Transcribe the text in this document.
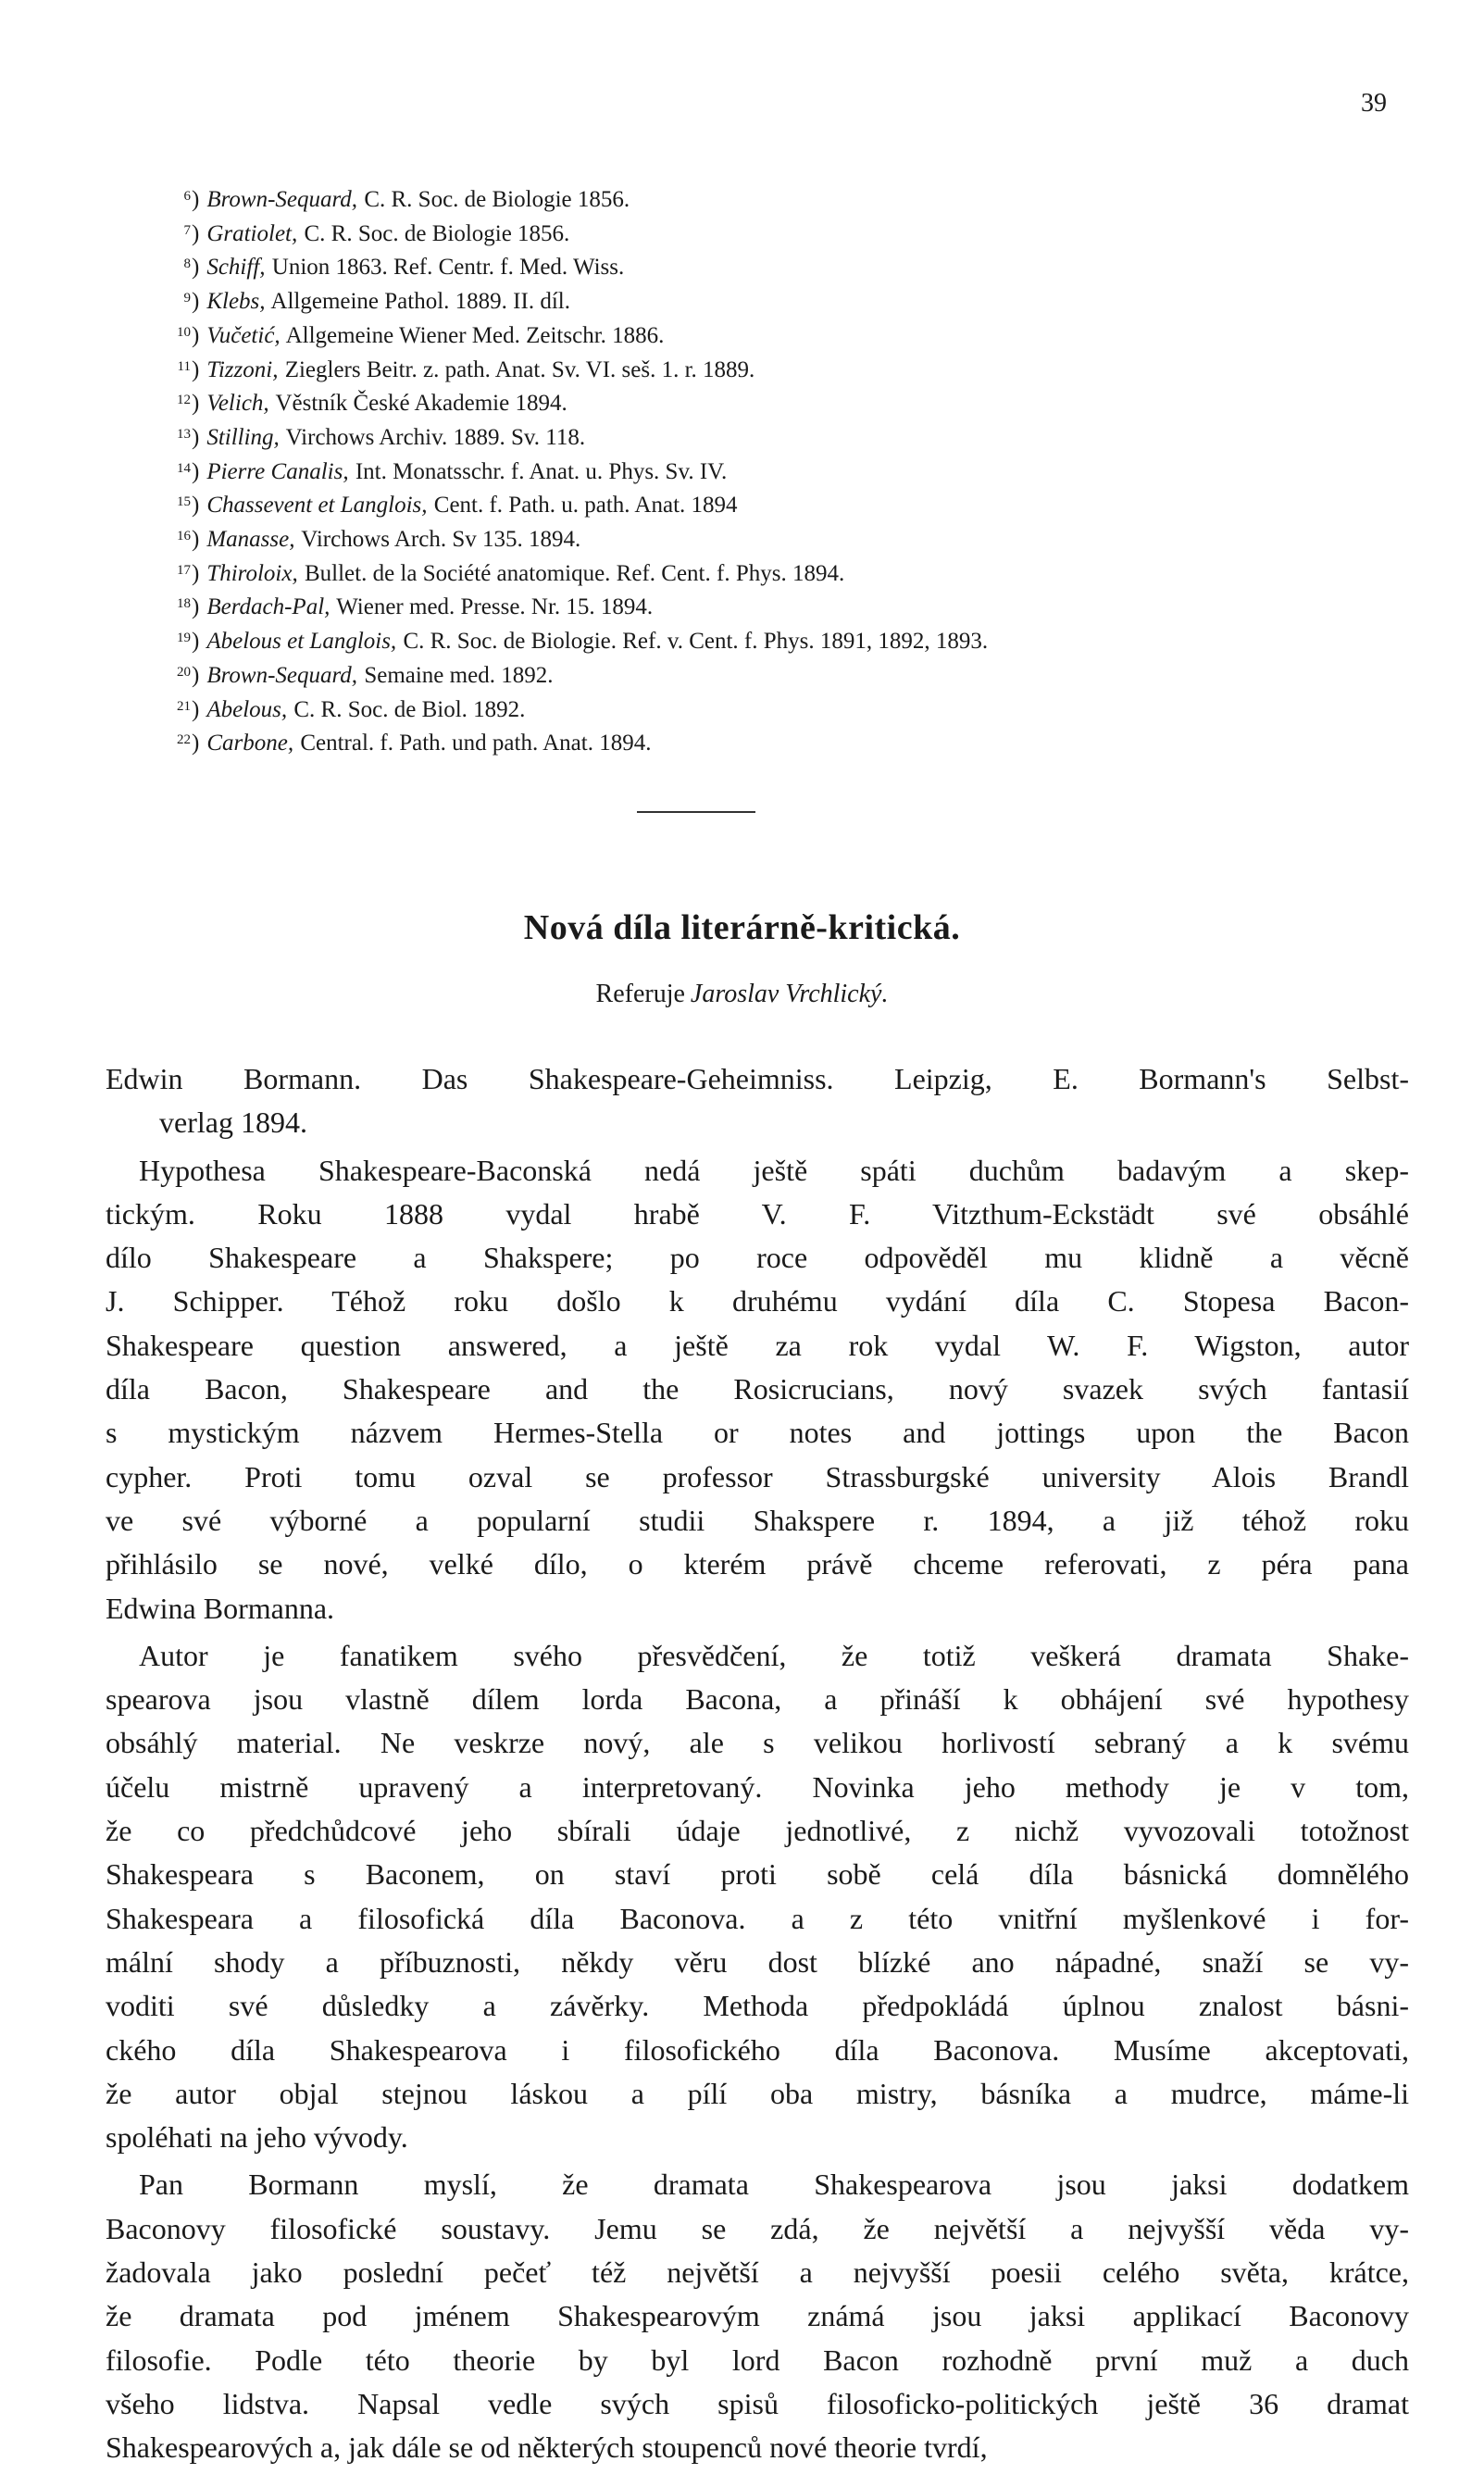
39
6) Brown-Sequard, C. R. Soc. de Biologie 1856.
7) Gratiolet, C. R. Soc. de Biologie 1856.
8) Schiff, Union 1863. Ref. Centr. f. Med. Wiss.
9) Klebs, Allgemeine Pathol. 1889. II. díl.
10) Vučetić, Allgemeine Wiener Med. Zeitschr. 1886.
11) Tizzoni, Zieglers Beitr. z. path. Anat. Sv. VI. seš. 1. r. 1889.
12) Velich, Věstník České Akademie 1894.
13) Stilling, Virchows Archiv. 1889. Sv. 118.
14) Pierre Canalis, Int. Monatsschr. f. Anat. u. Phys. Sv. IV.
15) Chassevent et Langlois, Cent. f. Path. u. path. Anat. 1894
16) Manasse, Virchows Arch. Sv 135. 1894.
17) Thiroloix, Bullet. de la Société anatomique. Ref. Cent. f. Phys. 1894.
18) Berdach-Pal, Wiener med. Presse. Nr. 15. 1894.
19) Abelous et Langlois, C. R. Soc. de Biologie. Ref. v. Cent. f. Phys. 1891, 1892, 1893.
20) Brown-Sequard, Semaine med. 1892.
21) Abelous, C. R. Soc. de Biol. 1892.
22) Carbone, Central. f. Path. und path. Anat. 1894.
Nová díla literárně-kritická.
Referuje Jaroslav Vrchlický.
Edwin Bormann. Das Shakespeare-Geheimniss. Leipzig, E. Bormann's Selbst-
verlag 1894.
Hypothesa Shakespeare-Baconská nedá ještě spáti duchům badavým a skep-
tickým. Roku 1888 vydal hrabě V. F. Vitzthum-Eckstädt své obsáhlé
dílo Shakespeare a Shakspere; po roce odpověděl mu klidně a věcně
J. Schipper. Téhož roku došlo k druhému vydání díla C. Stopesa Bacon-
Shakespeare question answered, a ještě za rok vydal W. F. Wigston, autor
díla Bacon, Shakespeare and the Rosicrucians, nový svazek svých fantasií
s mystickým názvem Hermes-Stella or notes and jottings upon the Bacon
cypher. Proti tomu ozval se professor Strassburgské university Alois Brandl
ve své výborné a popularní studii Shakspere r. 1894, a již téhož roku
přihlásilo se nové, velké dílo, o kterém právě chceme referovati, z péra pana
Edwina Bormanna.
Autor je fanatikem svého přesvědčení, že totiž veškerá dramata Shake-
spearova jsou vlastně dílem lorda Bacona, a přináší k obhájení své hypothesy
obsáhlý material. Ne veskrze nový, ale s velikou horlivostí sebraný a k svému
účelu mistrně upravený a interpretovaný. Novinka jeho methody je v tom,
že co předchůdcové jeho sbírali údaje jednotlivé, z nichž vyvozovali totožnost
Shakespeara s Baconem, on staví proti sobě celá díla básnická domnělého
Shakespeara a filosofická díla Baconova. a z této vnitřní myšlenkové i for-
mální shody a příbuznosti, někdy věru dost blízké ano nápadné, snaží se vy-
voditi své důsledky a závěrky. Methoda předpokládá úplnou znalost básni-
ckého díla Shakespearova i filosofického díla Baconova. Musíme akceptovati,
že autor objal stejnou láskou a pílí oba mistry, básníka a mudrce, máme-li
spoléhati na jeho vývody.
Pan Bormann myslí, že dramata Shakespearova jsou jaksi dodatkem
Baconovy filosofické soustavy. Jemu se zdá, že největší a nejvyšší věda vy-
žadovala jako poslední pečeť též největší a nejvyšší poesii celého světa, krátce,
že dramata pod jménem Shakespearovým známá jsou jaksi applikací Baconovy
filosofie. Podle této theorie by byl lord Bacon rozhodně první muž a duch
všeho lidstva. Napsal vedle svých spisů filosoficko-politických ještě 36 dramat
Shakespearových a, jak dále se od některých stoupenců nové theorie tvrdí,
